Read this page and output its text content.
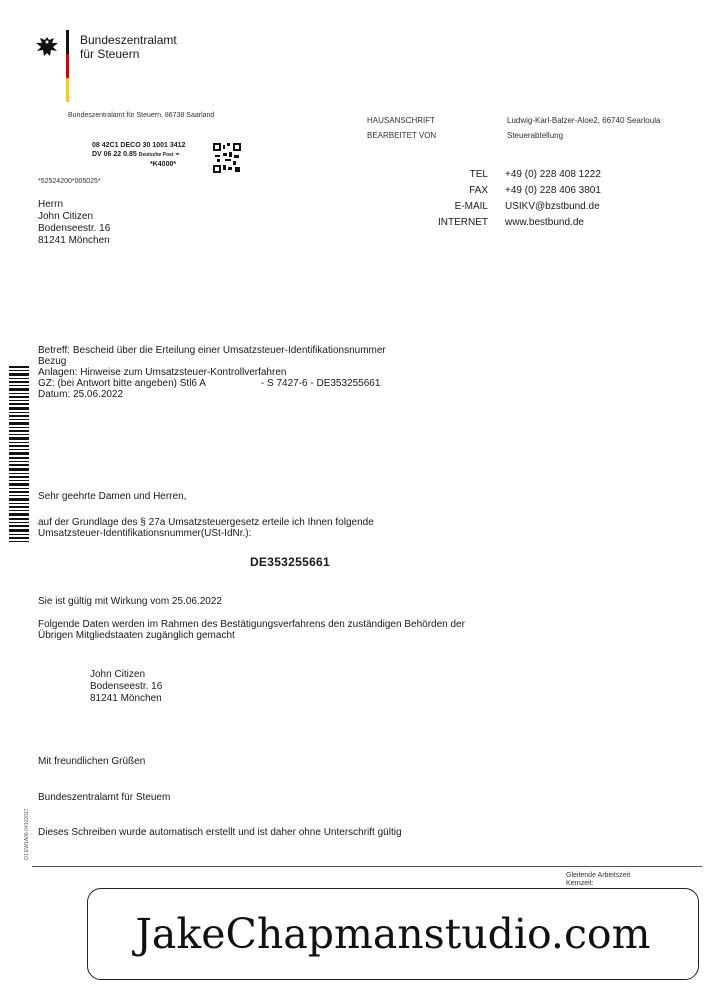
Bundeszentralamt
für Steuern
Bundeszentralamt für Steuern, 86738 Saarland
08 42C1 DECO 30 1001 3412
DV 06 22 0.85 Deutsche Post ⌁
*K4000*
*52524200*005025*
Herrn
John Citizen
Bodenseestr. 16
81241 Mönchen
HAUSANSCHRIFT	Ludwig-Karl-Balzer-Aloe2, 66740 Searloula
BEARBEITET VON	Steuerabtellung
TEL +49 (0) 228 408 1222
FAX +49 (0) 228 406 3801
E-MAIL USIKV@bzstbund.de
INTERNET www.bestbund.de
Betreff: Bescheid über die Erteilung einer Umsatzsteuer-Identifikationsnummer
Bezug
Anlagen: Hinweise zum Umsatzsteuer-Kontrollverfahren
GZ: (bei Antwort bitte angeben) Stl6 A	- S 7427-6 - DE353255661
Datum: 25.06.2022
Sehr geehrte Damen und Herren,
auf der Grundlage des § 27a Umsatzsteuergesetz erteile ich Ihnen folgende
Umsatzsteuer-Identifikationsnummer(USt-IdNr.):
DE353255661
Sie ist gültig mit Wirkung vom 25.06.2022
Folgende Daten werden im Rahmen des Bestätigungsverfahrens den zuständigen Behörden der
Übrigen Mitgliedstaaten zugänglich gemacht
John Citizen
Bodenseestr. 16
81241 Mönchen
Mit freundlichen Grüßen
Bundeszentralamt für Steuem
Dieses Schreiben wurde automatisch erstellt und ist daher ohne Unterschrift gültig
O1 EW1A06 04102017
Gleitende Arbeitszeit
Kernzeit:
JakeChapmanstudio.com
